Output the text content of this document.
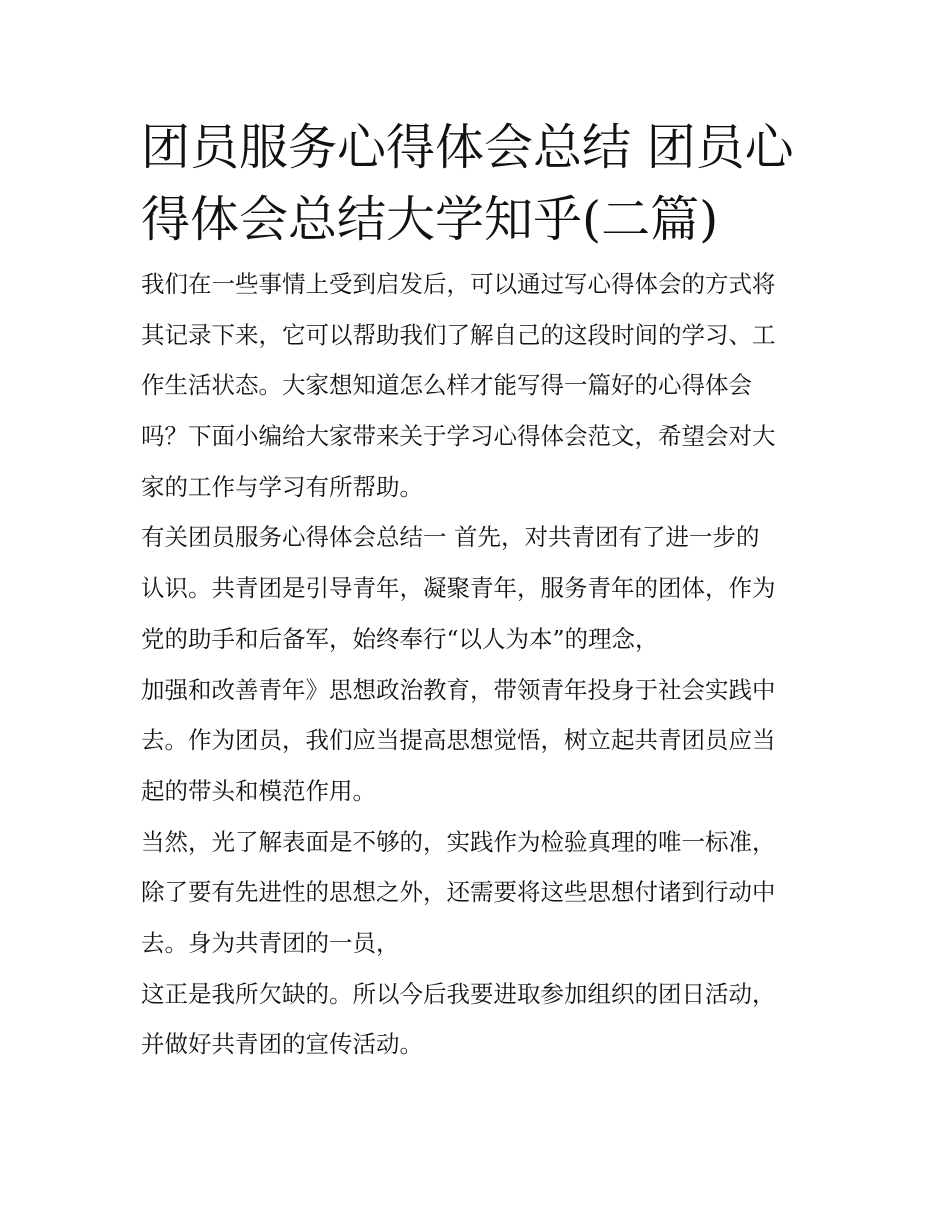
团员服务心得体会总结 团员心
得体会总结大学知乎(二篇)
我们在一些事情上受到启发后，可以通过写心得体会的方式将
其记录下来，它可以帮助我们了解自己的这段时间的学习、工
作生活状态。大家想知道怎么样才能写得一篇好的心得体会
吗？下面小编给大家带来关于学习心得体会范文，希望会对大
家的工作与学习有所帮助。
有关团员服务心得体会总结一 首先，对共青团有了进一步的
认识。共青团是引导青年，凝聚青年，服务青年的团体，作为
党的助手和后备军，始终奉行“以人为本”的理念，
加强和改善青年》思想政治教育，带领青年投身于社会实践中
去。作为团员，我们应当提高思想觉悟，树立起共青团员应当
起的带头和模范作用。
当然，光了解表面是不够的，实践作为检验真理的唯一标准，
除了要有先进性的思想之外，还需要将这些思想付诸到行动中
去。身为共青团的一员，
这正是我所欠缺的。所以今后我要进取参加组织的团日活动，
并做好共青团的宣传活动。
